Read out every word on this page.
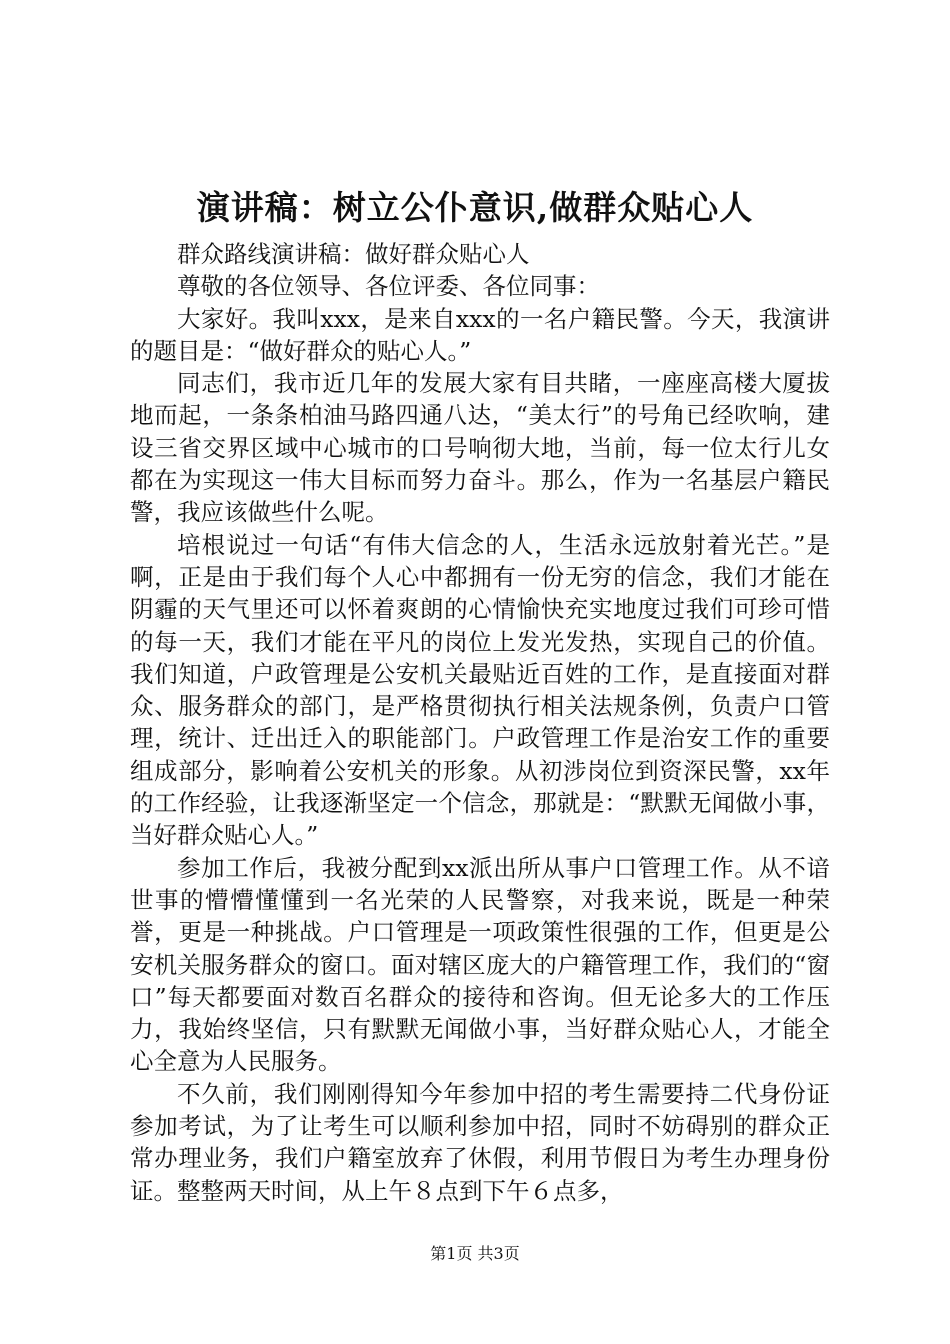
演讲稿：树立公仆意识,做群众贴心人

群众路线演讲稿：做好群众贴心人

尊敬的各位领导、各位评委、各位同事：

大家好。我叫xxx，是来自xxx的一名户籍民警。今天，我演讲的题目是：“做好群众的贴心人。”

同志们，我市近几年的发展大家有目共睹，一座座高楼大厦拔地而起，一条条柏油马路四通八达，“美太行”的号角已经吹响，建设三省交界区域中心城市的口号响彻大地，当前，每一位太行儿女都在为实现这一伟大目标而努力奋斗。那么，作为一名基层户籍民警，我应该做些什么呢。

培根说过一句话“有伟大信念的人，生活永远放射着光芒。”是啊，正是由于我们每个人心中都拥有一份无穷的信念，我们才能在阴霾的天气里还可以怀着爽朗的心情愉快充实地度过我们可珍可惜的每一天，我们才能在平凡的岗位上发光发热，实现自己的价值。我们知道，户政管理是公安机关最贴近百姓的工作，是直接面对群众、服务群众的部门，是严格贯彻执行相关法规条例，负责户口管理，统计、迁出迁入的职能部门。户政管理工作是治安工作的重要组成部分，影响着公安机关的形象。从初涉岗位到资深民警，xx年的工作经验，让我逐渐坚定一个信念，那就是：“默默无闻做小事，当好群众贴心人。”

参加工作后，我被分配到xx派出所从事户口管理工作。从不谙世事的懵懵懂懂到一名光荣的人民警察，对我来说，既是一种荣誉，更是一种挑战。户口管理是一项政策性很强的工作，但更是公安机关服务群众的窗口。面对辖区庞大的户籍管理工作，我们的“窗口”每天都要面对数百名群众的接待和咨询。但无论多大的工作压力，我始终坚信，只有默默无闻做小事，当好群众贴心人，才能全心全意为人民服务。

不久前，我们刚刚得知今年参加中招的考生需要持二代身份证参加考试，为了让考生可以顺利参加中招，同时不妨碍别的群众正常办理业务，我们户籍室放弃了休假，利用节假日为考生办理身份证。整整两天时间，从上午８点到下午６点多，

第1页 共3页
